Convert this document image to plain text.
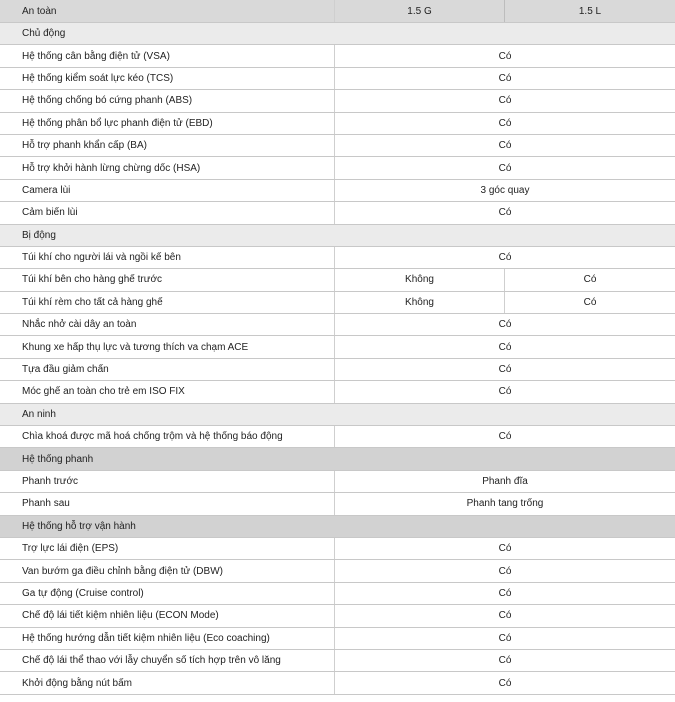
An toàn	1.5 G	1.5 L
Chủ động
Hệ thống cân bằng điện tử (VSA)	Có
Hệ thống kiểm soát lực kéo (TCS)	Có
Hệ thống chống bó cứng phanh (ABS)	Có
Hệ thống phân bổ lực phanh điện tử (EBD)	Có
Hỗ trợ phanh khẩn cấp (BA)	Có
Hỗ trợ khởi hành lừng chừng dốc (HSA)	Có
Camera lùi	3 góc quay
Cảm biến lùi	Có
Bị động
Túi khí cho người lái và ngồi kế bên	Có
Túi khí bên cho hàng ghế trước	Không	Có
Túi khí rèm cho tất cả hàng ghế	Không	Có
Nhắc nhở cài dây an toàn	Có
Khung xe hấp thụ lực và tương thích va chạm ACE	Có
Tựa đầu giảm chấn	Có
Móc ghế an toàn cho trẻ em ISO FIX	Có
An ninh
Chìa khoá được mã hoá chống trộm và hệ thống báo động	Có
Hệ thống phanh
Phanh trước	Phanh đĩa
Phanh sau	Phanh tang trống
Hệ thống hỗ trợ vận hành
Trợ lực lái điện (EPS)	Có
Van bướm ga điều chỉnh bằng điện tử (DBW)	Có
Ga tự động (Cruise control)	Có
Chế độ lái tiết kiệm nhiên liệu (ECON Mode)	Có
Hệ thống hướng dẫn tiết kiệm nhiên liệu (Eco coaching)	Có
Chế độ lái thể thao với lẫy chuyển số tích hợp trên vô lăng	Có
Khởi động bằng nút bấm	Có
